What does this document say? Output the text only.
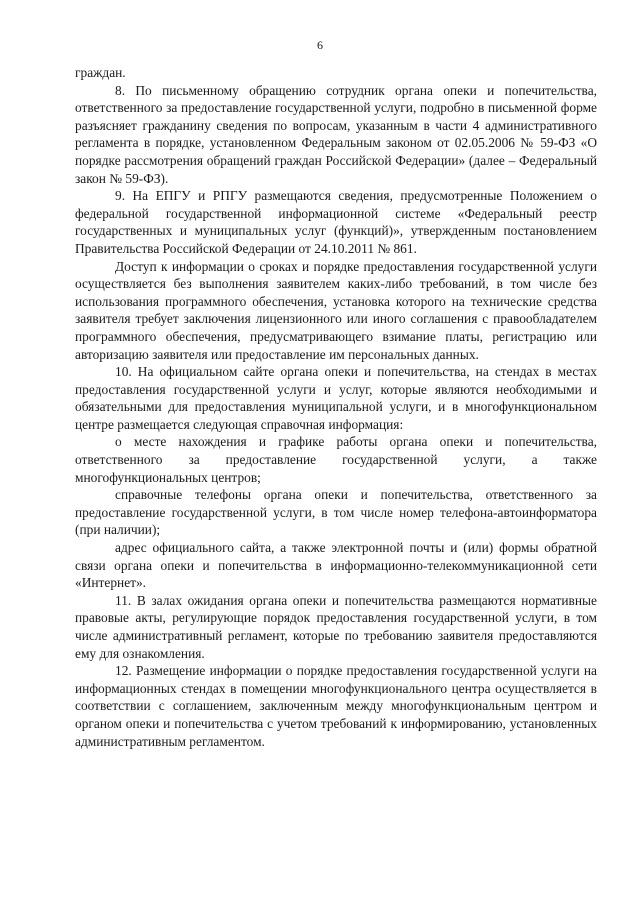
6

граждан.

8. По письменному обращению сотрудник органа опеки и попечительства, ответственного за предоставление государственной услуги, подробно в письменной форме разъясняет гражданину сведения по вопросам, указанным в части 4 административного регламента в порядке, установленном Федеральным законом от 02.05.2006 № 59-ФЗ «О порядке рассмотрения обращений граждан Российской Федерации» (далее – Федеральный закон № 59-ФЗ).

9. На ЕПГУ и РПГУ размещаются сведения, предусмотренные Положением о федеральной государственной информационной системе «Федеральный реестр государственных и муниципальных услуг (функций)», утвержденным постановлением Правительства Российской Федерации от 24.10.2011 № 861.

Доступ к информации о сроках и порядке предоставления государственной услуги осуществляется без выполнения заявителем каких-либо требований, в том числе без использования программного обеспечения, установка которого на технические средства заявителя требует заключения лицензионного или иного соглашения с правообладателем программного обеспечения, предусматривающего взимание платы, регистрацию или авторизацию заявителя или предоставление им персональных данных.

10. На официальном сайте органа опеки и попечительства, на стендах в местах предоставления государственной услуги и услуг, которые являются необходимыми и обязательными для предоставления муниципальной услуги, и в многофункциональном центре размещается следующая справочная информация:

о месте нахождения и графике работы органа опеки и попечительства, ответственного за предоставление государственной услуги, а также многофункциональных центров;

справочные телефоны органа опеки и попечительства, ответственного за предоставление государственной услуги, в том числе номер телефона-автоинформатора (при наличии);

адрес официального сайта, а также электронной почты и (или) формы обратной связи органа опеки и попечительства в информационно-телекоммуникационной сети «Интернет».

11. В залах ожидания органа опеки и попечительства размещаются нормативные правовые акты, регулирующие порядок предоставления государственной услуги, в том числе административный регламент, которые по требованию заявителя предоставляются ему для ознакомления.

12. Размещение информации о порядке предоставления государственной услуги на информационных стендах в помещении многофункционального центра осуществляется в соответствии с соглашением, заключенным между многофункциональным центром и органом опеки и попечительства с учетом требований к информированию, установленных административным регламентом.
